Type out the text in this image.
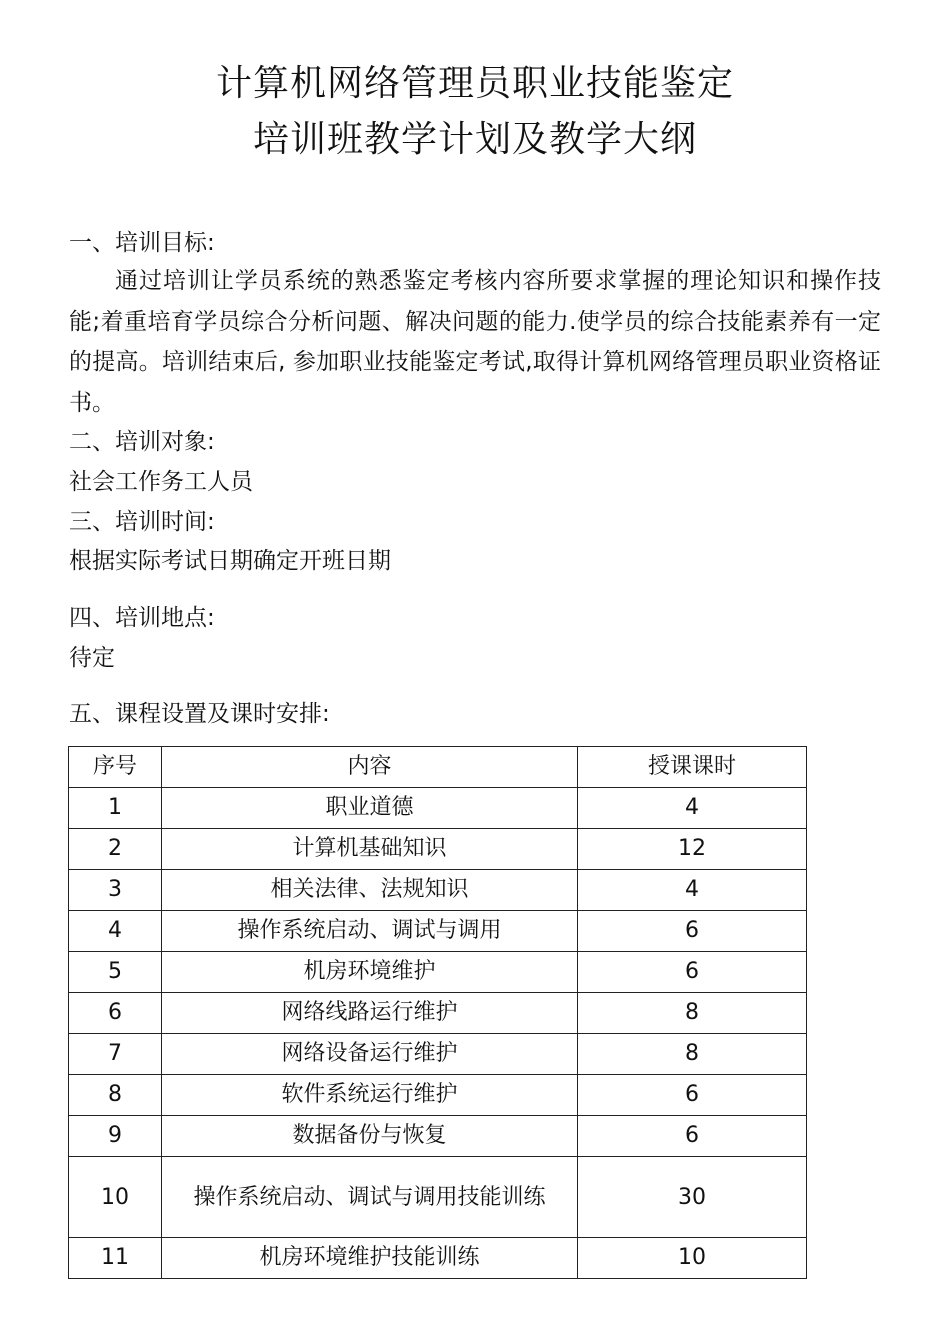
计算机网络管理员职业技能鉴定
培训班教学计划及教学大纲

一、培训目标:

通过培训让学员系统的熟悉鉴定考核内容所要求掌握的理论知识和操作技能;着重培育学员综合分析问题、解决问题的能力.使学员的综合技能素养有一定的提高。培训结束后, 参加职业技能鉴定考试,取得计算机网络管理员职业资格证书。

二、培训对象:

社会工作务工人员

三、培训时间:

根据实际考试日期确定开班日期

四、培训地点:

待定

五、课程设置及课时安排:

序号	内容	授课课时
1	职业道德	4
2	计算机基础知识	12
3	相关法律、法规知识	4
4	操作系统启动、调试与调用	6
5	机房环境维护	6
6	网络线路运行维护	8
7	网络设备运行维护	8
8	软件系统运行维护	6
9	数据备份与恢复	6
10	操作系统启动、调试与调用技能训练	30
11	机房环境维护技能训练	10
